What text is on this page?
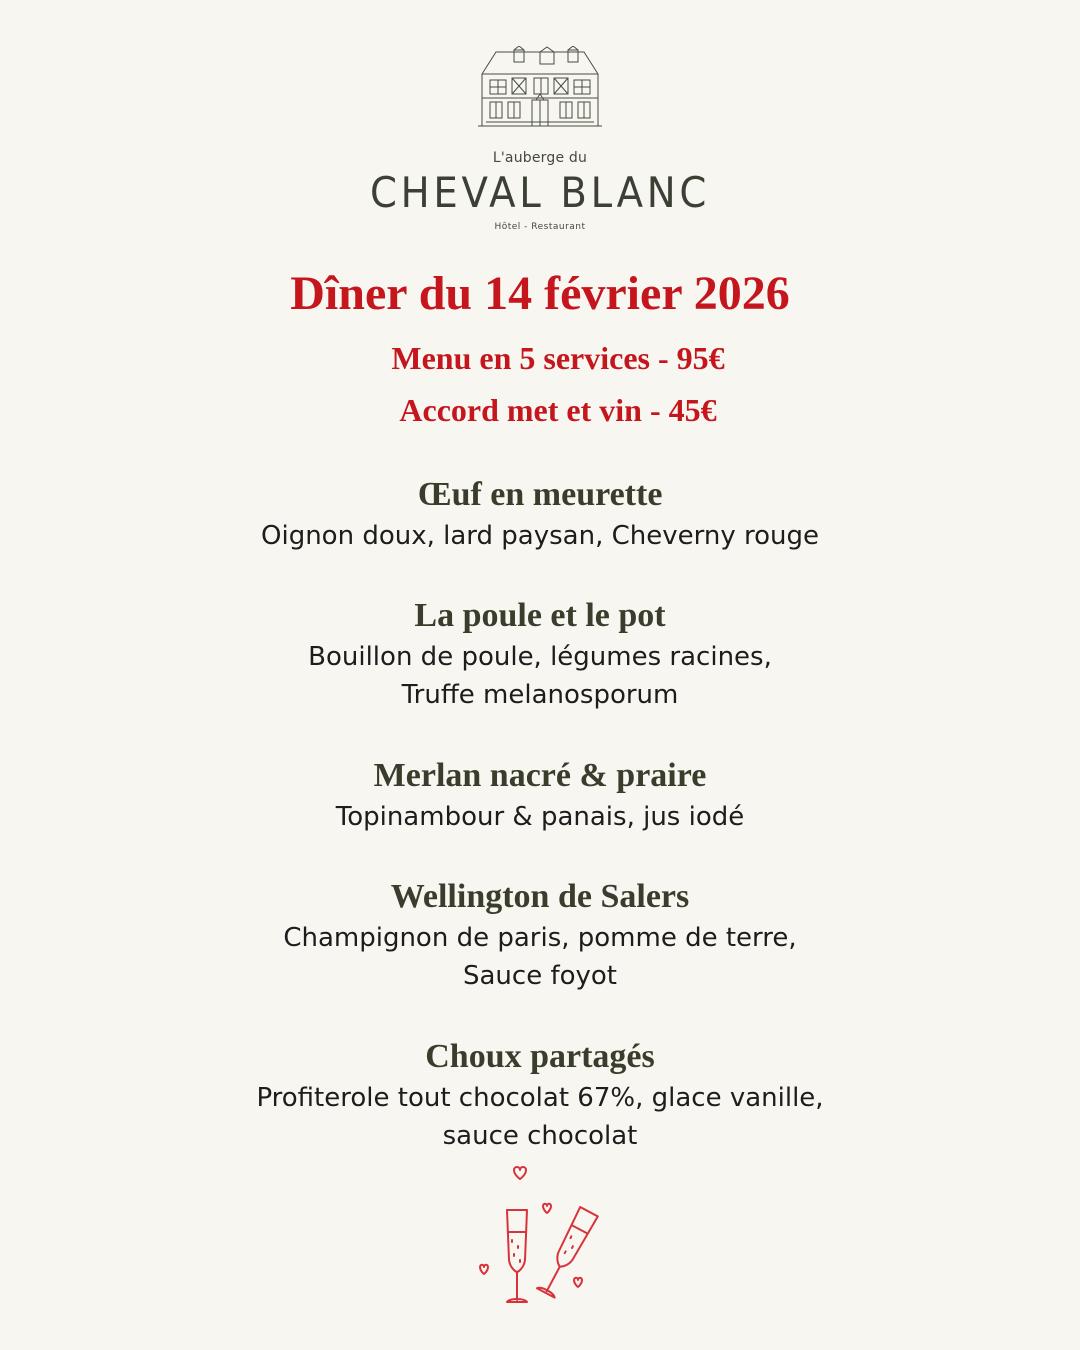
L'auberge du
CHEVAL BLANC
Hôtel - Restaurant
Dîner du 14 février 2026
Menu en 5 services - 95€
Accord met et vin - 45€
Œuf en meurette
Oignon doux, lard paysan, Cheverny rouge
La poule et le pot
Bouillon de poule, légumes racines,
Truffe melanosporum
Merlan nacré & praire
Topinambour & panais, jus iodé
Wellington de Salers
Champignon de paris, pomme de terre,
Sauce foyot
Choux partagés
Profiterole tout chocolat 67%, glace vanille,
sauce chocolat
